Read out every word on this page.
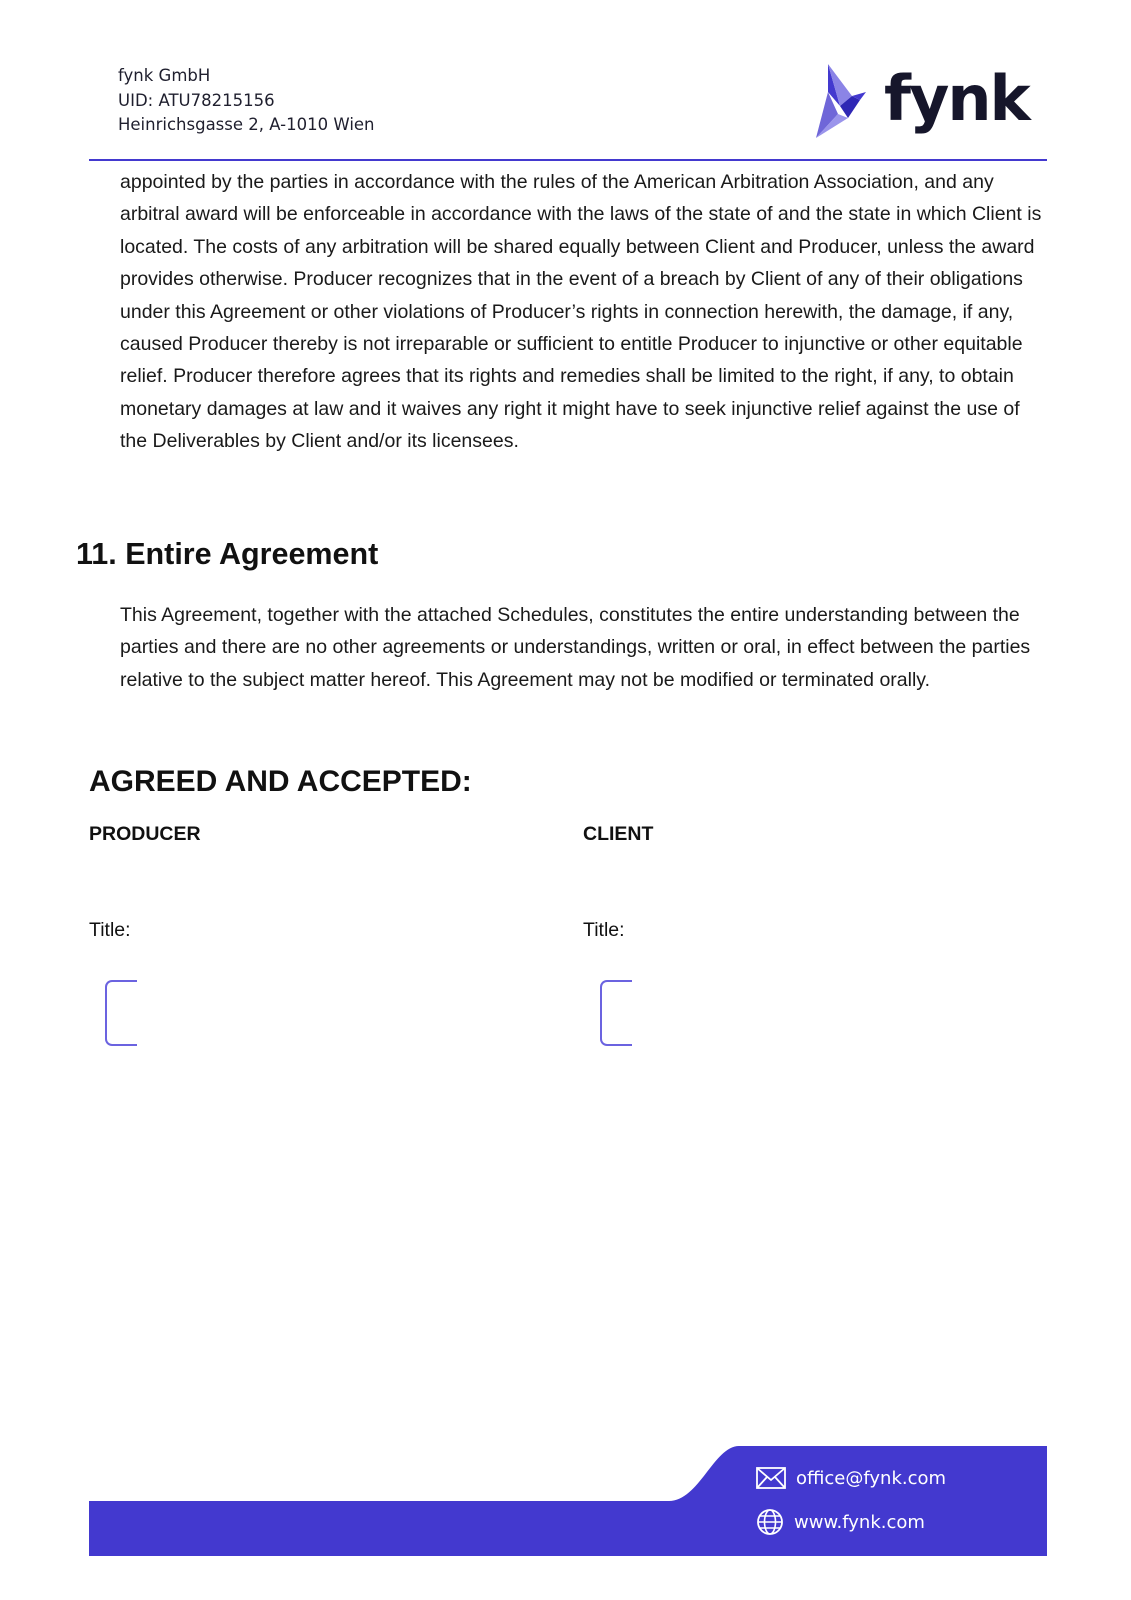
fynk GmbH
UID: ATU78215156
Heinrichsgasse 2, A-1010 Wien	fynk
appointed by the parties in accordance with the rules of the American Arbitration Association, and any arbitral award will be enforceable in accordance with the laws of the state of and the state in which Client is located. The costs of any arbitration will be shared equally between Client and Producer, unless the award provides otherwise. Producer recognizes that in the event of a breach by Client of any of their obligations under this Agreement or other violations of Producer’s rights in connection herewith, the damage, if any, caused Producer thereby is not irreparable or sufficient to entitle Producer to injunctive or other equitable relief. Producer therefore agrees that its rights and remedies shall be limited to the right, if any, to obtain monetary damages at law and it waives any right it might have to seek injunctive relief against the use of the Deliverables by Client and/or its licensees.
11. Entire Agreement
This Agreement, together with the attached Schedules, constitutes the entire understanding between the parties and there are no other agreements or understandings, written or oral, in effect between the parties relative to the subject matter hereof. This Agreement may not be modified or terminated orally.
AGREED AND ACCEPTED:
PRODUCER	CLIENT
Title:	Title:
office@fynk.com
www.fynk.com
